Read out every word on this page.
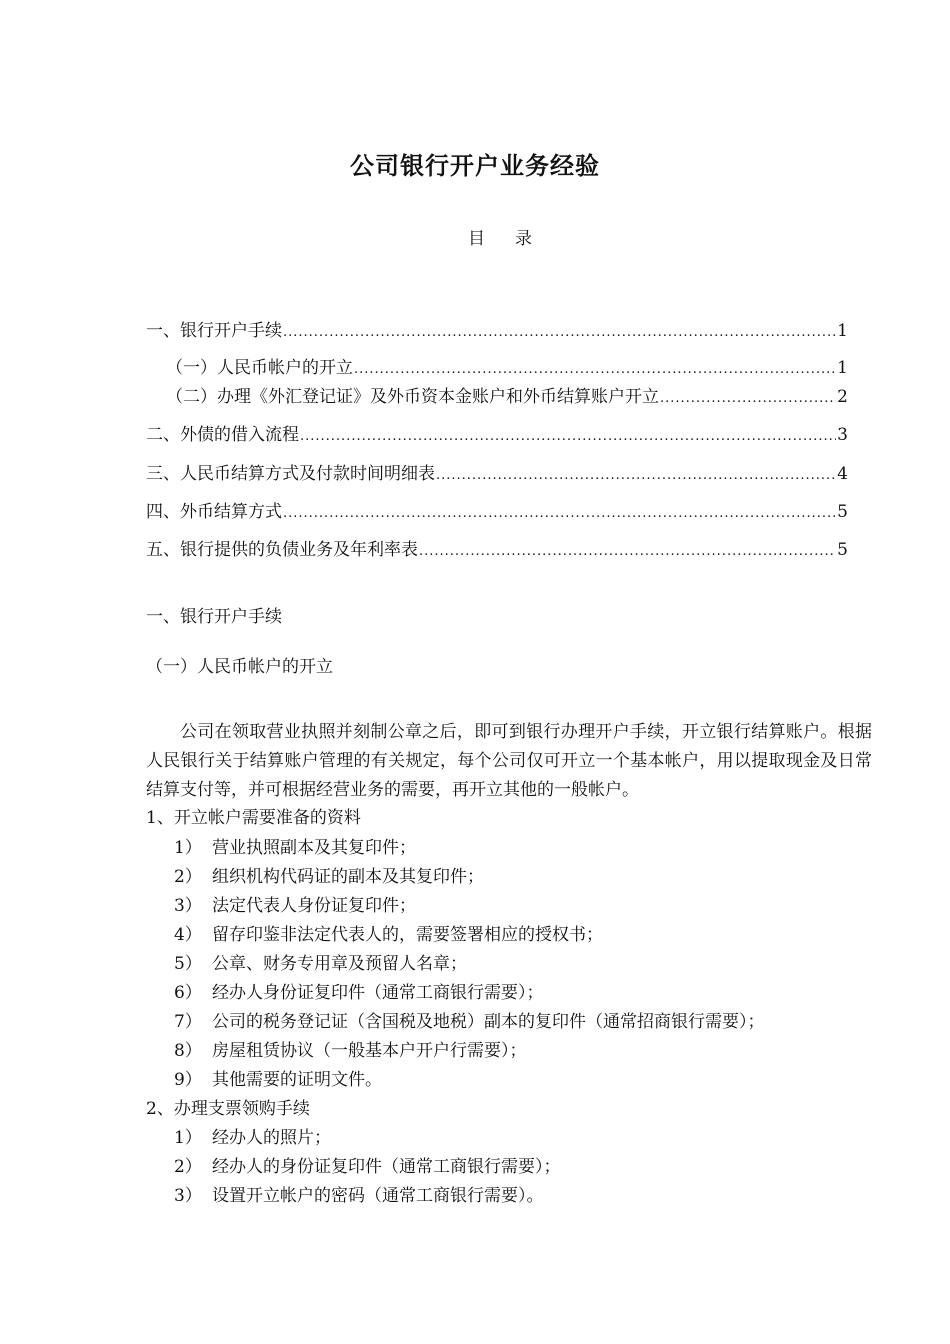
公司银行开户业务经验
目录
一、银行开户手续 .....	1
（一）人民币帐户的开立 .....	1
（二）办理《外汇登记证》及外币资本金账户和外币结算账户开立 .....	2
二、外债的借入流程 .....	3
三、人民币结算方式及付款时间明细表 .....	4
四、外币结算方式 .....	5
五、银行提供的负债业务及年利率表 .....	5
一、银行开户手续
（一）人民币帐户的开立
公司在领取营业执照并刻制公章之后，即可到银行办理开户手续，开立银行结算账户。根据人民银行关于结算账户管理的有关规定，每个公司仅可开立一个基本帐户，用以提取现金及日常结算支付等，并可根据经营业务的需要，再开立其他的一般帐户。
1、开立帐户需要准备的资料
1） 营业执照副本及其复印件；
2） 组织机构代码证的副本及其复印件；
3） 法定代表人身份证复印件；
4） 留存印鉴非法定代表人的，需要签署相应的授权书；
5） 公章、财务专用章及预留人名章；
6） 经办人身份证复印件（通常工商银行需要）；
7） 公司的税务登记证（含国税及地税）副本的复印件（通常招商银行需要）；
8） 房屋租赁协议（一般基本户开户行需要）；
9） 其他需要的证明文件。
2、办理支票领购手续
1） 经办人的照片；
2） 经办人的身份证复印件（通常工商银行需要）；
3） 设置开立帐户的密码（通常工商银行需要）。
